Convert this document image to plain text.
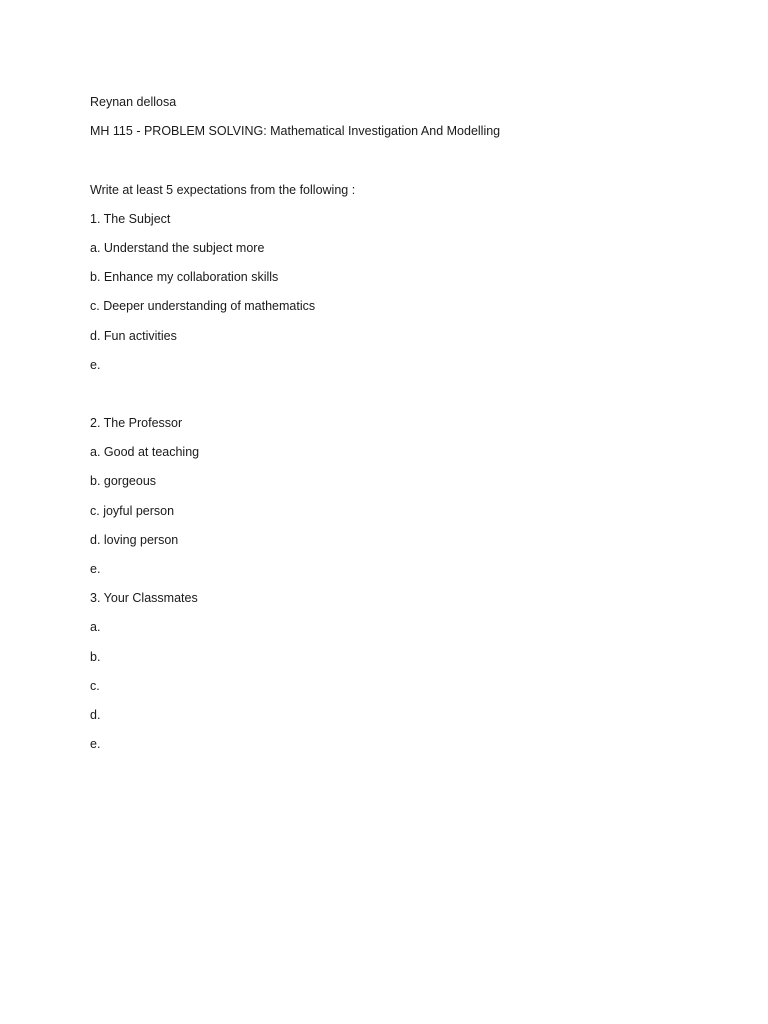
Reynan dellosa
MH 115 - PROBLEM SOLVING: Mathematical Investigation And Modelling
Write at least 5 expectations from the following :
1. The Subject
a. Understand the subject more
b. Enhance my collaboration skills
c. Deeper understanding of mathematics
d. Fun activities
e.
2. The Professor
a. Good at teaching
b. gorgeous
c. joyful person
d. loving person
e.
3. Your Classmates
a.
b.
c.
d.
e.
